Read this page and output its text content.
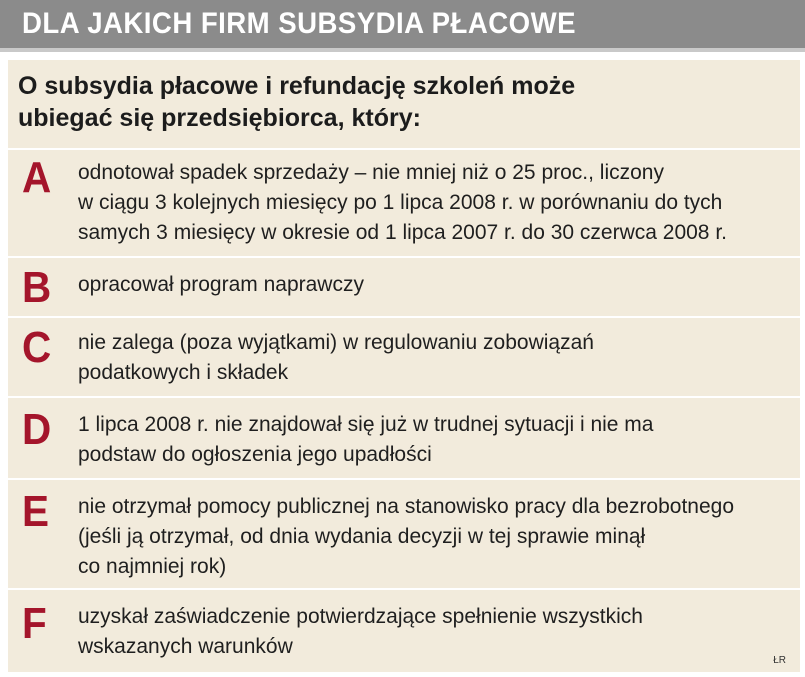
DLA JAKICH FIRM SUBSYDIA PŁACOWE
O subsydia płacowe i refundację szkoleń może
ubiegać się przedsiębiorca, który:
A odnotował spadek sprzedaży – nie mniej niż o 25 proc., liczony
w ciągu 3 kolejnych miesięcy po 1 lipca 2008 r. w porównaniu do tych
samych 3 miesięcy w okresie od 1 lipca 2007 r. do 30 czerwca 2008 r.
B opracował program naprawczy
C nie zalega (poza wyjątkami) w regulowaniu zobowiązań
podatkowych i składek
D 1 lipca 2008 r. nie znajdował się już w trudnej sytuacji i nie ma
podstaw do ogłoszenia jego upadłości
E nie otrzymał pomocy publicznej na stanowisko pracy dla bezrobotnego
(jeśli ją otrzymał, od dnia wydania decyzji w tej sprawie minął
co najmniej rok)
F uzyskał zaświadczenie potwierdzające spełnienie wszystkich
wskazanych warunków
ŁR
